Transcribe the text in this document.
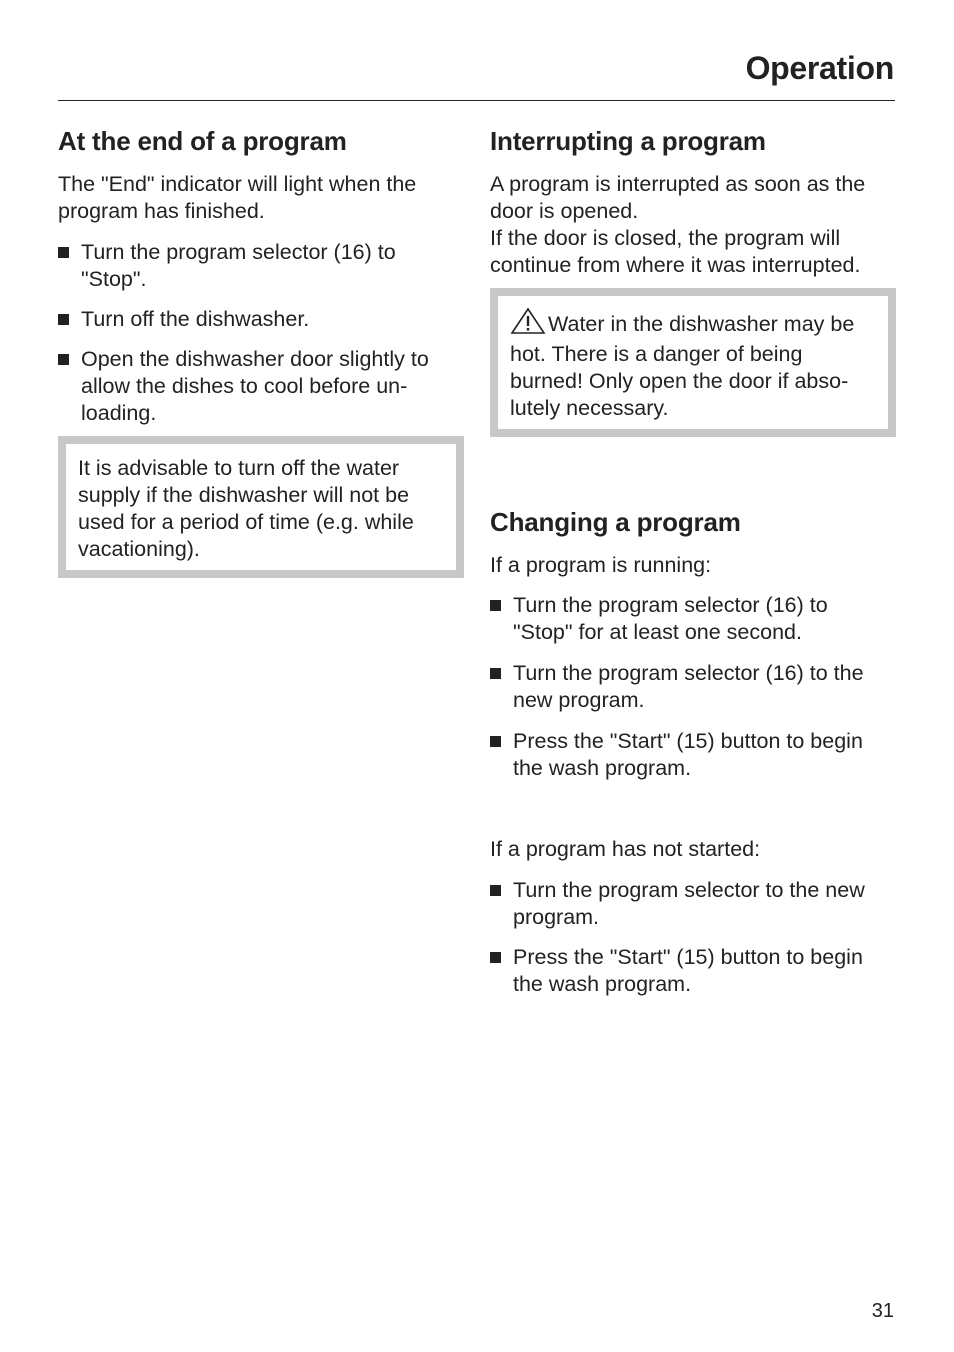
Operation
At the end of a program

The "End" indicator will light when the program has finished.

Turn the program selector (16) to "Stop".
Turn off the dishwasher.
Open the dishwasher door slightly to allow the dishes to cool before un-loading.

It is advisable to turn off the water supply if the dishwasher will not be used for a period of time (e.g. while vacationing).

Interrupting a program

A program is interrupted as soon as the door is opened.

If the door is closed, the program will continue from where it was interrupted.

Water in the dishwasher may be hot. There is a danger of being burned! Only open the door if abso-lutely necessary.

Changing a program

If a program is running:

Turn the program selector (16) to "Stop" for at least one second.
Turn the program selector (16) to the new program.
Press the "Start" (15) button to begin the wash program.

If a program has not started:

Turn the program selector to the new program.
Press the "Start" (15) button to begin the wash program.
31
